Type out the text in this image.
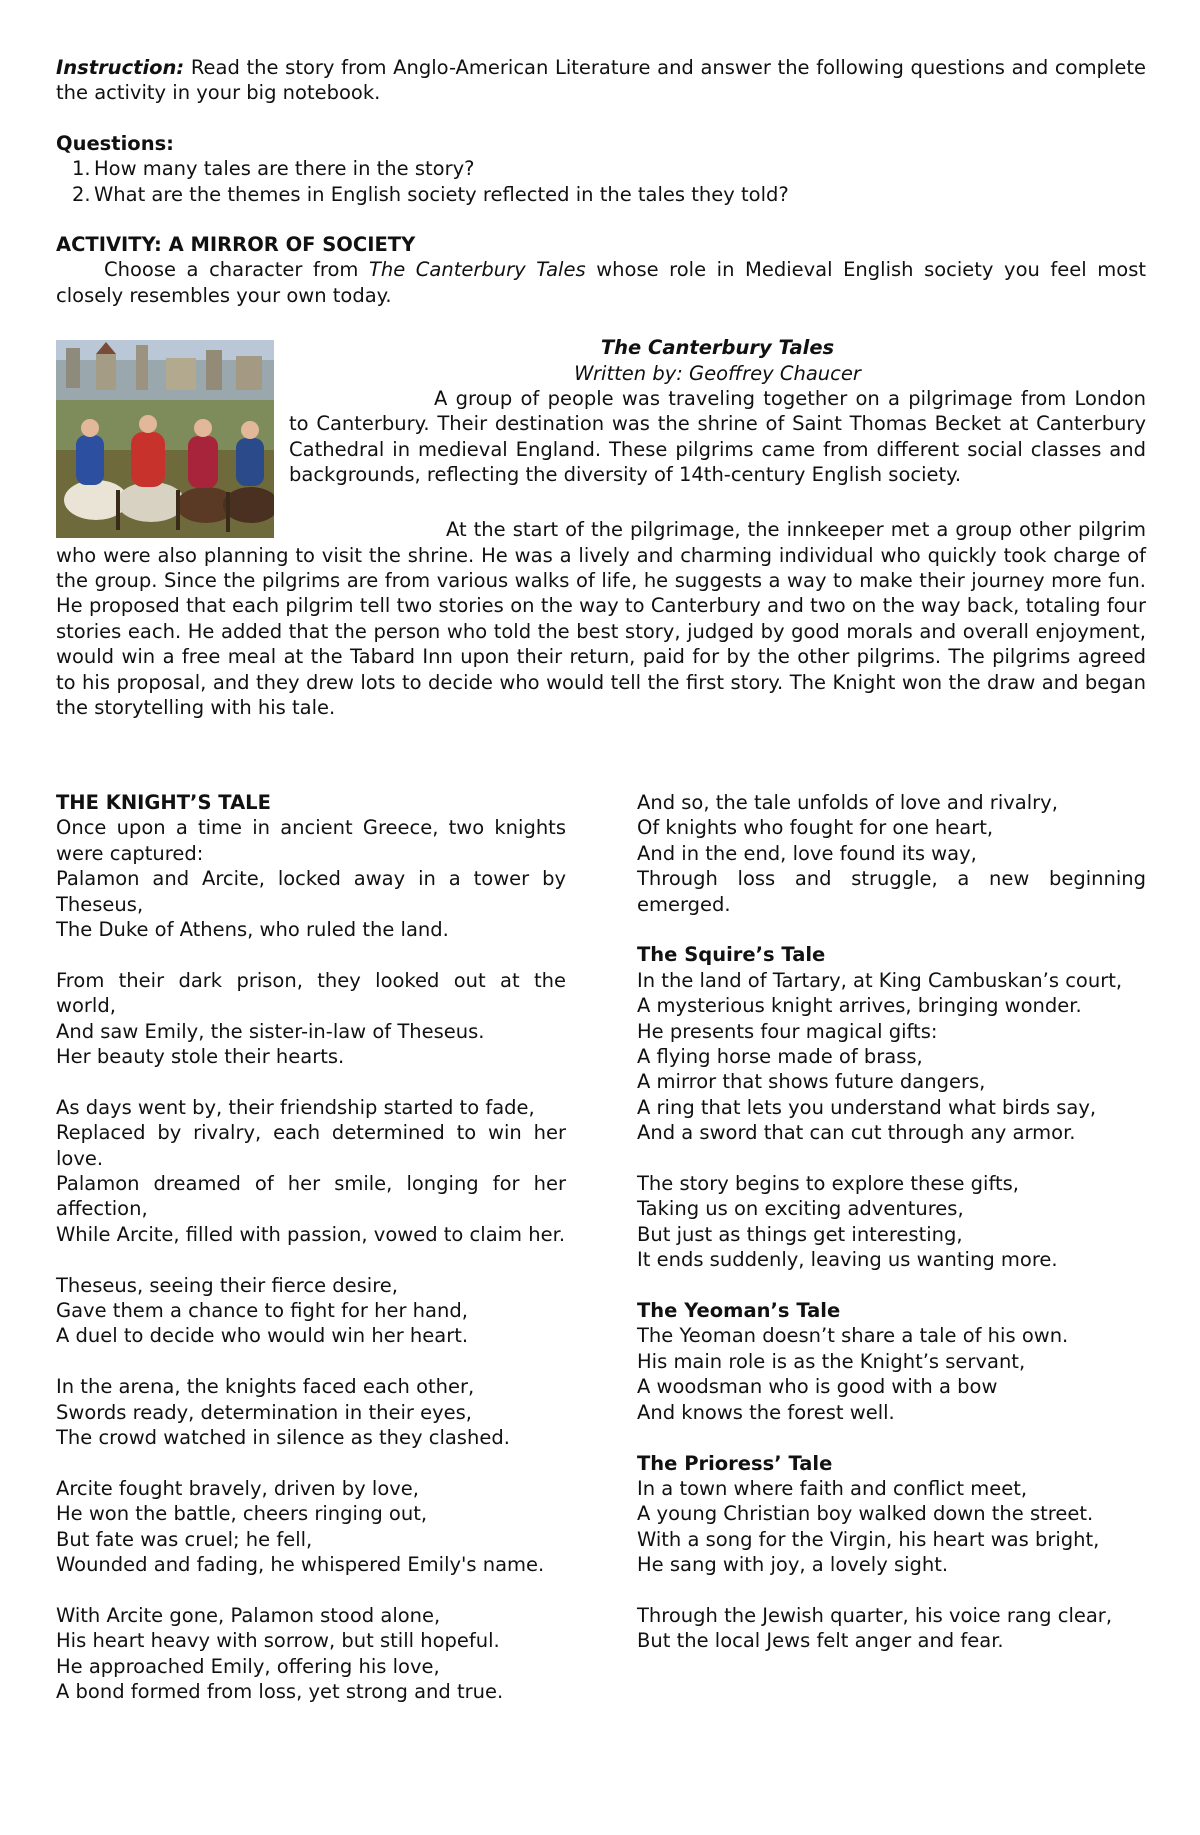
Instruction: Read the story from Anglo-American Literature and answer the following questions and complete the activity in your big notebook.

Questions:

1. How many tales are there in the story?
2. What are the themes in English society reflected in the tales they told?

ACTIVITY: A MIRROR OF SOCIETY

Choose a character from The Canterbury Tales whose role in Medieval English society you feel most closely resembles your own today.

The Canterbury Tales

Written by: Geoffrey Chaucer

A group of people was traveling together on a pilgrimage from London to Canterbury. Their destination was the shrine of Saint Thomas Becket at Canterbury Cathedral in medieval England. These pilgrims came from different social classes and backgrounds, reflecting the diversity of 14th-century English society.

At the start of the pilgrimage, the innkeeper met a group other pilgrim who were also planning to visit the shrine. He was a lively and charming individual who quickly took charge of the group. Since the pilgrims are from various walks of life, he suggests a way to make their journey more fun. He proposed that each pilgrim tell two stories on the way to Canterbury and two on the way back, totaling four stories each. He added that the person who told the best story, judged by good morals and overall enjoyment, would win a free meal at the Tabard Inn upon their return, paid for by the other pilgrims. The pilgrims agreed to his proposal, and they drew lots to decide who would tell the first story. The Knight won the draw and began the storytelling with his tale.

THE KNIGHT’S TALE

Once upon a time in ancient Greece, two knights were captured:

Palamon and Arcite, locked away in a tower by Theseus,

The Duke of Athens, who ruled the land.

From their dark prison, they looked out at the world,

And saw Emily, the sister-in-law of Theseus.

Her beauty stole their hearts.

As days went by, their friendship started to fade,

Replaced by rivalry, each determined to win her love.

Palamon dreamed of her smile, longing for her affection,

While Arcite, filled with passion, vowed to claim her.

Theseus, seeing their fierce desire,

Gave them a chance to fight for her hand,

A duel to decide who would win her heart.

In the arena, the knights faced each other,

Swords ready, determination in their eyes,

The crowd watched in silence as they clashed.

Arcite fought bravely, driven by love,

He won the battle, cheers ringing out,

But fate was cruel; he fell,

Wounded and fading, he whispered Emily's name.

With Arcite gone, Palamon stood alone,

His heart heavy with sorrow, but still hopeful.

He approached Emily, offering his love,

A bond formed from loss, yet strong and true.

And so, the tale unfolds of love and rivalry,

Of knights who fought for one heart,

And in the end, love found its way,

Through loss and struggle, a new beginning emerged.

The Squire’s Tale

In the land of Tartary, at King Cambuskan’s court,

A mysterious knight arrives, bringing wonder.

He presents four magical gifts:

A flying horse made of brass,

A mirror that shows future dangers,

A ring that lets you understand what birds say,

And a sword that can cut through any armor.

The story begins to explore these gifts,

Taking us on exciting adventures,

But just as things get interesting,

It ends suddenly, leaving us wanting more.

The Yeoman’s Tale

The Yeoman doesn’t share a tale of his own.

His main role is as the Knight’s servant,

A woodsman who is good with a bow

And knows the forest well.

The Prioress’ Tale

In a town where faith and conflict meet,

A young Christian boy walked down the street.

With a song for the Virgin, his heart was bright,

He sang with joy, a lovely sight.

Through the Jewish quarter, his voice rang clear,

But the local Jews felt anger and fear.
